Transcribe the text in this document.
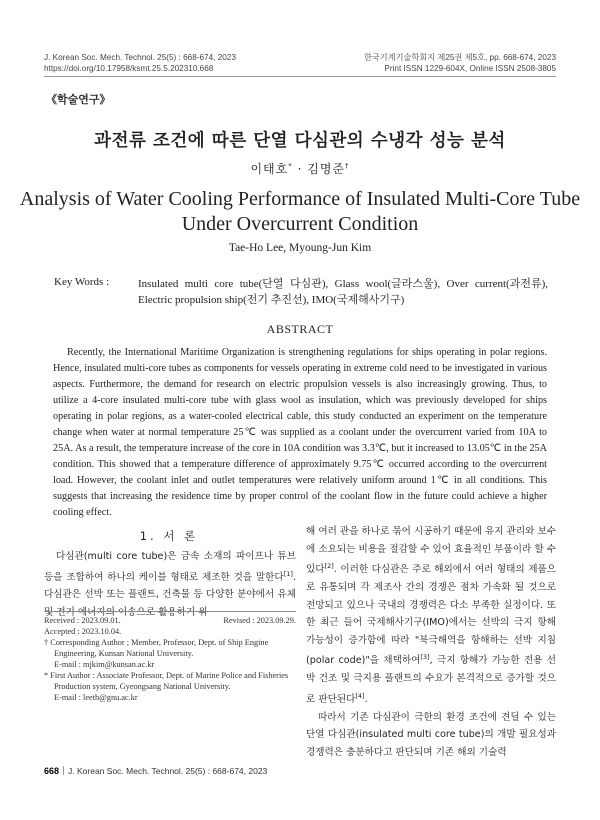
J. Korean Soc. Mech. Technol. 25(5) : 668-674, 2023
https://doi.org/10.17958/ksmt.25.5.202310.668
한국기계기술학회지 제25권 제5호, pp. 668-674, 2023
Print ISSN 1229-604X, Online ISSN 2508-3805
《학술연구》
과전류 조건에 따른 단열 다심관의 수냉각 성능 분석
이태호* · 김명준†
Analysis of Water Cooling Performance of Insulated Multi-Core Tube Under Overcurrent Condition
Tae-Ho Lee, Myoung-Jun Kim
Key Words :	Insulated multi core tube(단열 다심관), Glass wool(글라스울), Over current(과전류), Electric propulsion ship(전기 추진선), IMO(국제해사기구)
ABSTRACT
Recently, the International Maritime Organization is strengthening regulations for ships operating in polar regions. Hence, insulated multi-core tubes as components for vessels operating in extreme cold need to be investigated in various aspects. Furthermore, the demand for research on electric propulsion vessels is also increasingly growing. Thus, to utilize a 4-core insulated multi-core tube with glass wool as insulation, which was previously developed for ships operating in polar regions, as a water-cooled electrical cable, this study conducted an experiment on the temperature change when water at normal temperature 25℃ was supplied as a coolant under the overcurrent varied from 10A to 25A. As a result, the temperature increase of the core in 10A condition was 3.3℃, but it increased to 13.05℃ in the 25A condition. This showed that a temperature difference of approximately 9.75℃ occurred according to the overcurrent load. However, the coolant inlet and outlet temperatures were relatively uniform around 1℃ in all conditions. This suggests that increasing the residence time by proper control of the coolant flow in the future could achieve a higher cooling effect.
1. 서 론

다심관(multi core tube)은 금속 소재의 파이프나 튜브 등을 조합하여 하나의 케이블 형태로 제조한 것을 말한다[1]. 다심관은 선박 또는 플랜트, 건축물 등 다양한 분야에서 유체 및 전기 에너지의 이송으로 활용하기 위

Received : 2023.09.01.	Revised : 2023.09.29.
Accepted : 2023.10.04.
† Corresponding Author ; Member, Professor, Dept. of Ship Engine Engineering, Kunsan National University.
E-mail : mjkim@kunsan.ac.kr
* First Author : Associate Professor, Dept. of Marine Police and Fisheries Production system, Gyeongsang National University.
E-mail : leeth@gnu.ac.kr

해 여러 관을 하나로 묶어 시공하기 때문에 유지 관리와 보수에 소요되는 비용을 절감할 수 있어 효율적인 부품이라 할 수 있다[2]. 이러한 다심관은 주로 해외에서 여러 형태의 제품으로 유통되며 각 제조사 간의 경쟁은 점차 가속화 될 것으로 전망되고 있으나 국내의 경쟁력은 다소 부족한 실정이다. 또한 최근 들어 국제해사기구(IMO)에서는 선박의 극지 항해 가능성이 증가함에 따라 "북극해역을 항해하는 선박 지침(polar code)"을 채택하여[3], 극지 항해가 가능한 전용 선박 건조 및 극지용 플랜트의 수요가 본격적으로 증가할 것으로 판단된다[4].

따라서 기존 다심관이 극한의 환경 조건에 견딜 수 있는 단열 다심관(insulated multi core tube)의 개발 필요성과 경쟁력은 충분하다고 판단되며 기존 해외 기술력

668 J. Korean Soc. Mech. Technol. 25(5) : 668-674, 2023
